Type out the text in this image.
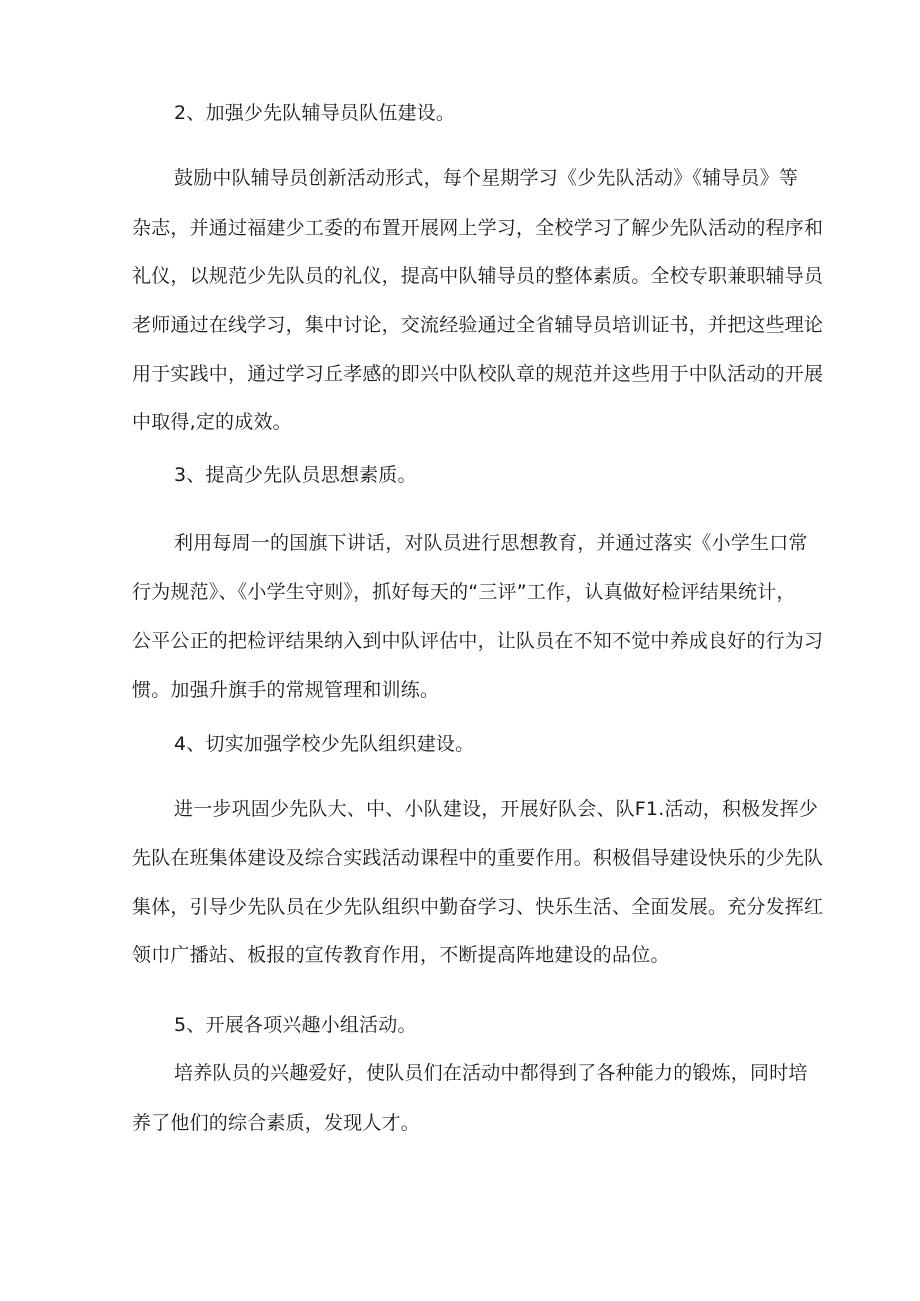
2、加强少先队辅导员队伍建设。
鼓励中队辅导员创新活动形式，每个星期学习《少先队活动》《辅导员》等
杂志，并通过福建少工委的布置开展网上学习，全校学习了解少先队活动的程序和
礼仪，以规范少先队员的礼仪，提高中队辅导员的整体素质。全校专职兼职辅导员
老师通过在线学习，集中讨论，交流经验通过全省辅导员培训证书，并把这些理论
用于实践中，通过学习丘孝感的即兴中队校队章的规范并这些用于中队活动的开展
中取得,定的成效。
3、提高少先队员思想素质。
利用每周一的国旗下讲话，对队员进行思想教育，并通过落实《小学生口常
行为规范》、《小学生守则》，抓好每天的“三评”工作，认真做好检评结果统计，
公平公正的把检评结果纳入到中队评估中，让队员在不知不觉中养成良好的行为习
惯。加强升旗手的常规管理和训练。
4、切实加强学校少先队组织建设。
进一步巩固少先队大、中、小队建设，开展好队会、队F1.活动，积极发挥少
先队在班集体建设及综合实践活动课程中的重要作用。积极倡导建设快乐的少先队
集体，引导少先队员在少先队组织中勤奋学习、快乐生活、全面发展。充分发挥红
领巾广播站、板报的宣传教育作用，不断提高阵地建设的品位。
5、开展各项兴趣小组活动。
培养队员的兴趣爱好，使队员们在活动中都得到了各种能力的锻炼，同时培
养了他们的综合素质，发现人才。
